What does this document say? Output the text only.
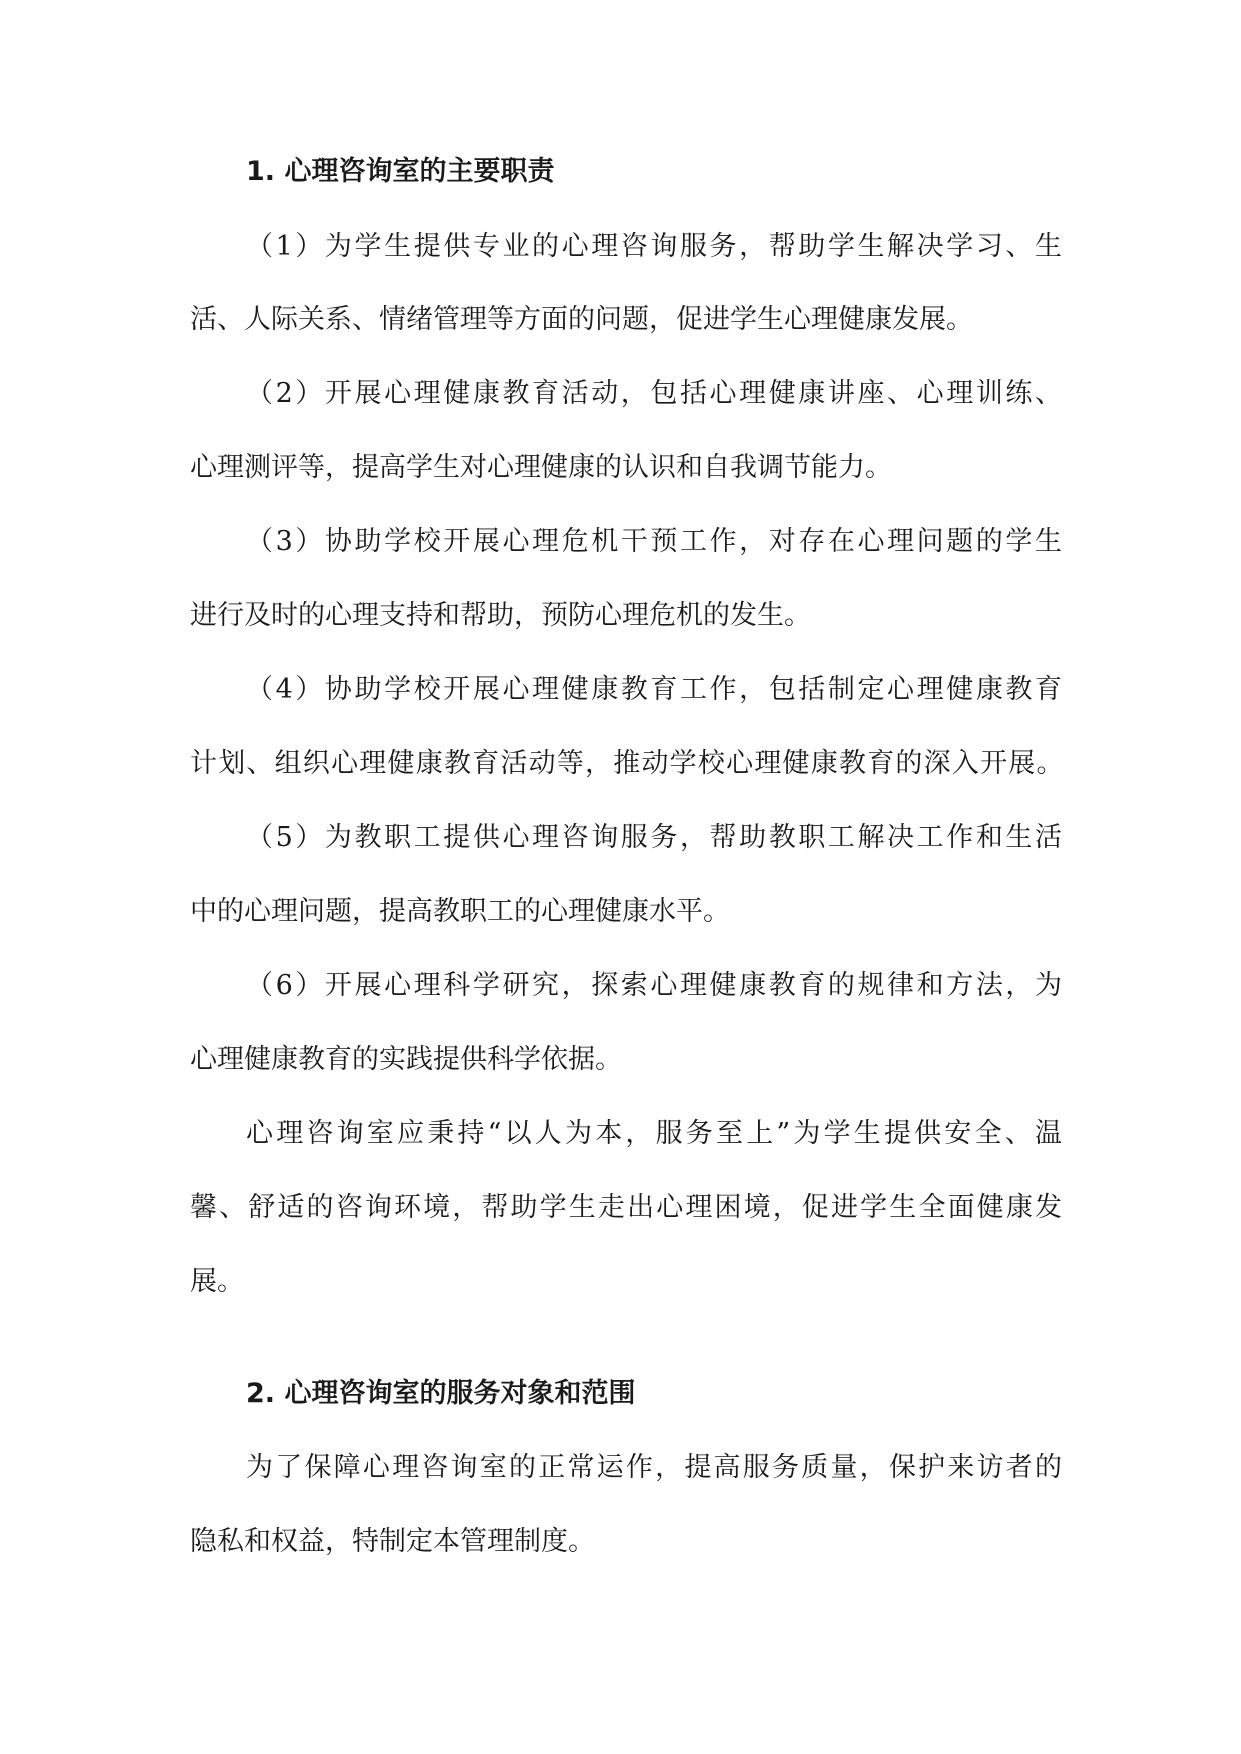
1. 心理咨询室的主要职责
（1）为学生提供专业的心理咨询服务，帮助学生解决学习、生
活、人际关系、情绪管理等方面的问题，促进学生心理健康发展。
（2）开展心理健康教育活动，包括心理健康讲座、心理训练、
心理测评等，提高学生对心理健康的认识和自我调节能力。
（3）协助学校开展心理危机干预工作，对存在心理问题的学生
进行及时的心理支持和帮助，预防心理危机的发生。
（4）协助学校开展心理健康教育工作，包括制定心理健康教育
计划、组织心理健康教育活动等，推动学校心理健康教育的深入开展。
（5）为教职工提供心理咨询服务，帮助教职工解决工作和生活
中的心理问题，提高教职工的心理健康水平。
（6）开展心理科学研究，探索心理健康教育的规律和方法，为
心理健康教育的实践提供科学依据。
心理咨询室应秉持“以人为本，服务至上”为学生提供安全、温
馨、舒适的咨询环境，帮助学生走出心理困境，促进学生全面健康发
展。
2. 心理咨询室的服务对象和范围
为了保障心理咨询室的正常运作，提高服务质量，保护来访者的
隐私和权益，特制定本管理制度。
